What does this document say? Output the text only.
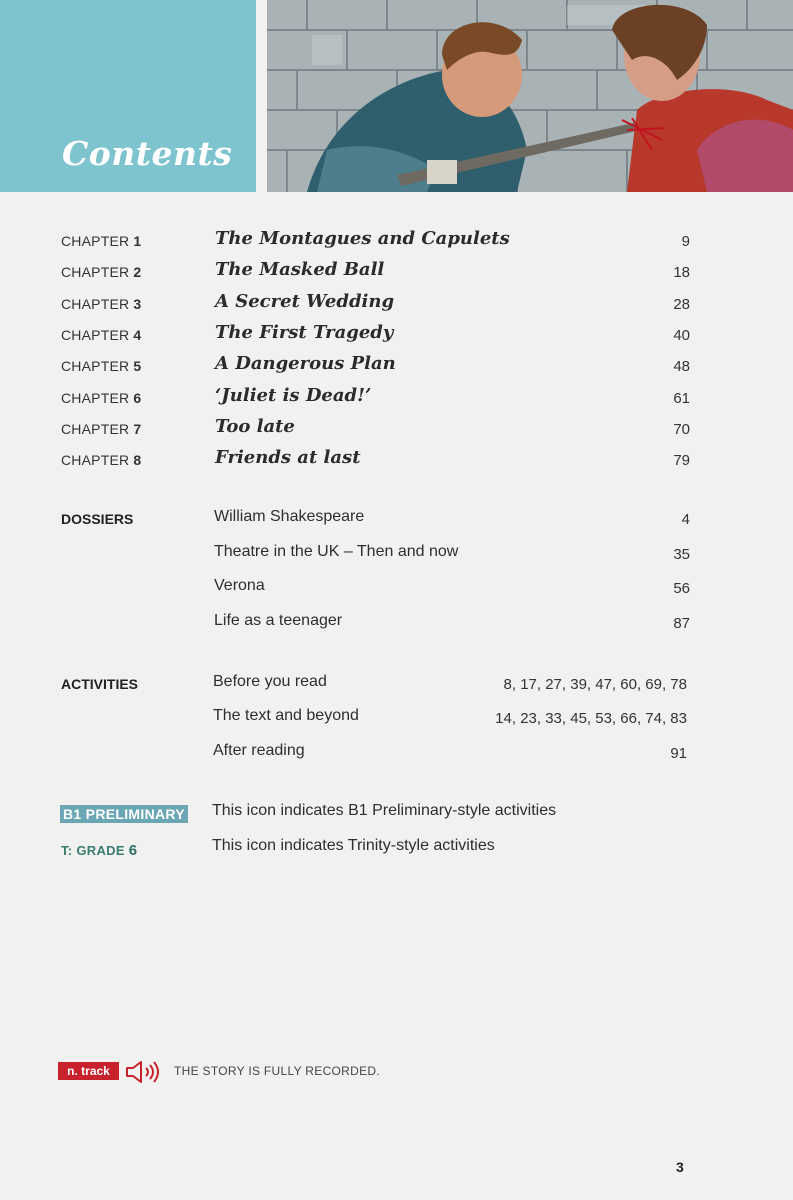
Contents
CHAPTER 1	The Montagues and Capulets	9
CHAPTER 2	The Masked Ball	18
CHAPTER 3	A Secret Wedding	28
CHAPTER 4	The First Tragedy	40
CHAPTER 5	A Dangerous Plan	48
CHAPTER 6	‘Juliet is Dead!’	61
CHAPTER 7	Too late	70
CHAPTER 8	Friends at last	79
DOSSIERS	William Shakespeare	4
Theatre in the UK – Then and now	35
Verona	56
Life as a teenager	87
ACTIVITIES	Before you read	8, 17, 27, 39, 47, 60, 69, 78
The text and beyond	14, 23, 33, 45, 53, 66, 74, 83
After reading	91
B1 PRELIMINARY This icon indicates B1 Preliminary-style activities
T: GRADE 6	This icon indicates Trinity-style activities
n. track	THE STORY IS FULLY RECORDED.
3
